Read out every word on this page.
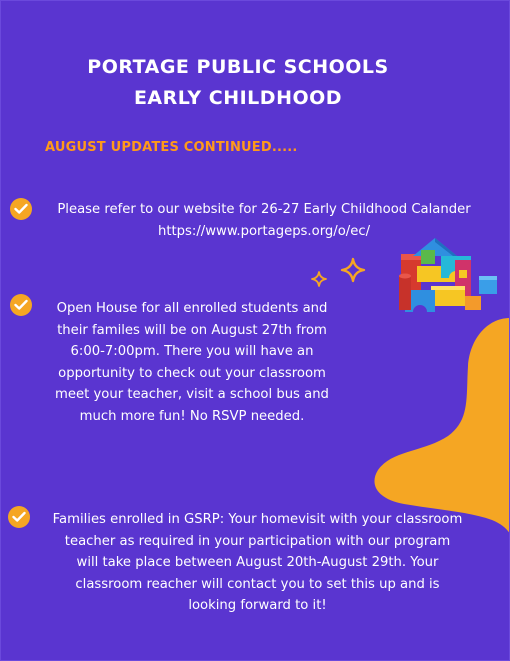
PORTAGE PUBLIC SCHOOLS
EARLY CHILDHOOD
AUGUST UPDATES CONTINUED.....
Please refer to our website for 26-27 Early Childhood Calander
https://www.portageps.org/o/ec/
Open House for all enrolled students and
their familes will be on August 27th from
6:00-7:00pm. There you will have an
opportunity to check out your classroom
meet your teacher, visit a school bus and
much more fun! No RSVP needed.
Families enrolled in GSRP: Your homevisit with your classroom
teacher as required in your participation with our program
will take place between August 20th-August 29th. Your
classroom reacher will contact you to set this up and is
looking forward to it!
